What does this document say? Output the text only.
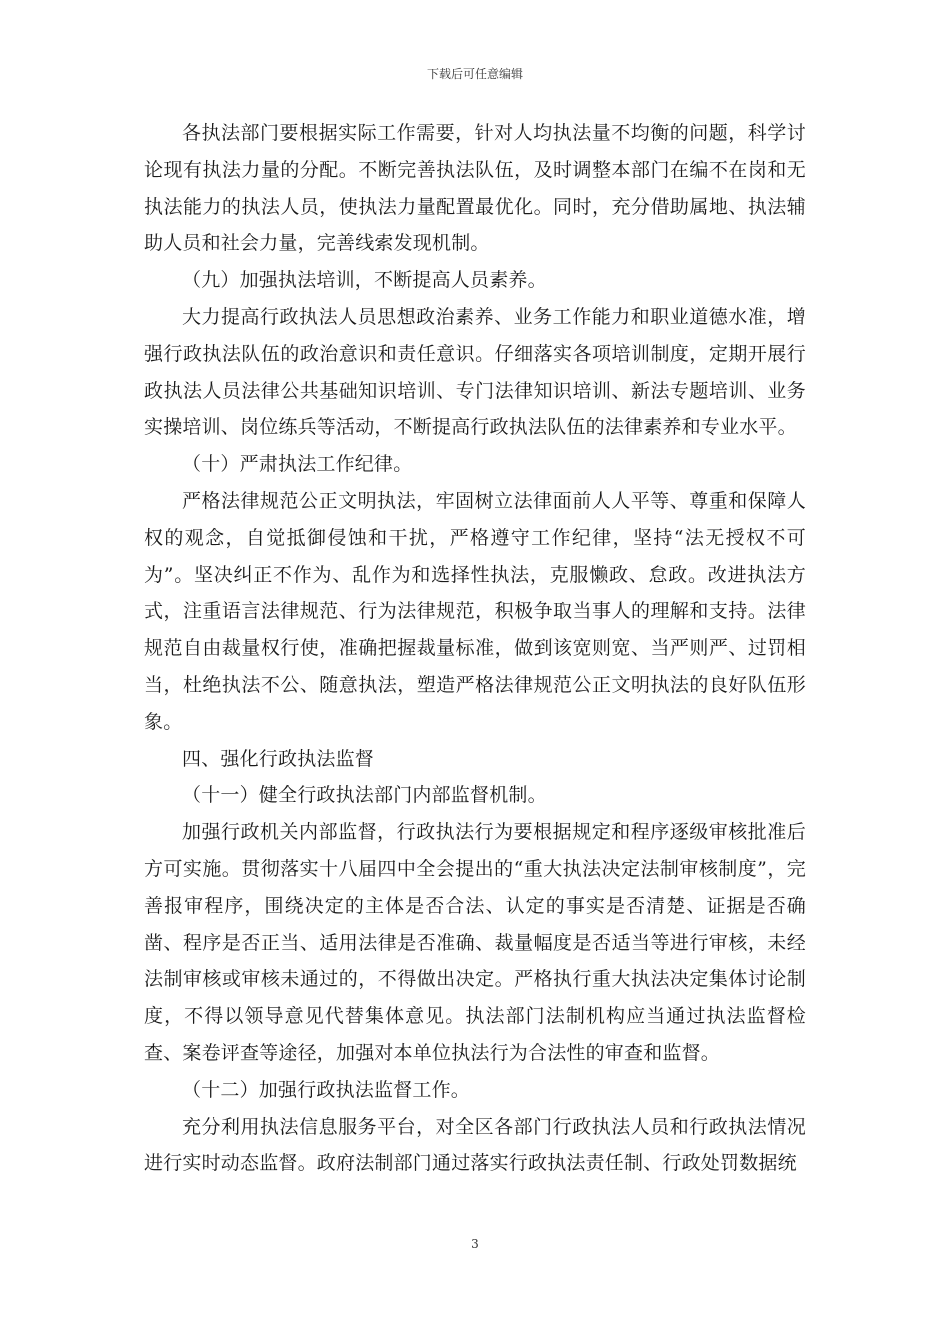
下载后可任意编辑

各执法部门要根据实际工作需要，针对人均执法量不均衡的问题，科学讨论现有执法力量的分配。不断完善执法队伍，及时调整本部门在编不在岗和无执法能力的执法人员，使执法力量配置最优化。同时，充分借助属地、执法辅助人员和社会力量，完善线索发现机制。

（九）加强执法培训，不断提高人员素养。

大力提高行政执法人员思想政治素养、业务工作能力和职业道德水准，增强行政执法队伍的政治意识和责任意识。仔细落实各项培训制度，定期开展行政执法人员法律公共基础知识培训、专门法律知识培训、新法专题培训、业务实操培训、岗位练兵等活动，不断提高行政执法队伍的法律素养和专业水平。

（十）严肃执法工作纪律。

严格法律规范公正文明执法，牢固树立法律面前人人平等、尊重和保障人权的观念，自觉抵御侵蚀和干扰，严格遵守工作纪律，坚持“法无授权不可为”。坚决纠正不作为、乱作为和选择性执法，克服懒政、怠政。改进执法方式，注重语言法律规范、行为法律规范，积极争取当事人的理解和支持。法律规范自由裁量权行使，准确把握裁量标准，做到该宽则宽、当严则严、过罚相当，杜绝执法不公、随意执法，塑造严格法律规范公正文明执法的良好队伍形象。

四、强化行政执法监督

（十一）健全行政执法部门内部监督机制。

加强行政机关内部监督，行政执法行为要根据规定和程序逐级审核批准后方可实施。贯彻落实十八届四中全会提出的“重大执法决定法制审核制度”，完善报审程序，围绕决定的主体是否合法、认定的事实是否清楚、证据是否确凿、程序是否正当、适用法律是否准确、裁量幅度是否适当等进行审核，未经法制审核或审核未通过的，不得做出决定。严格执行重大执法决定集体讨论制度，不得以领导意见代替集体意见。执法部门法制机构应当通过执法监督检查、案卷评查等途径，加强对本单位执法行为合法性的审查和监督。

（十二）加强行政执法监督工作。

充分利用执法信息服务平台，对全区各部门行政执法人员和行政执法情况进行实时动态监督。政府法制部门通过落实行政执法责任制、行政处罚数据统

3
